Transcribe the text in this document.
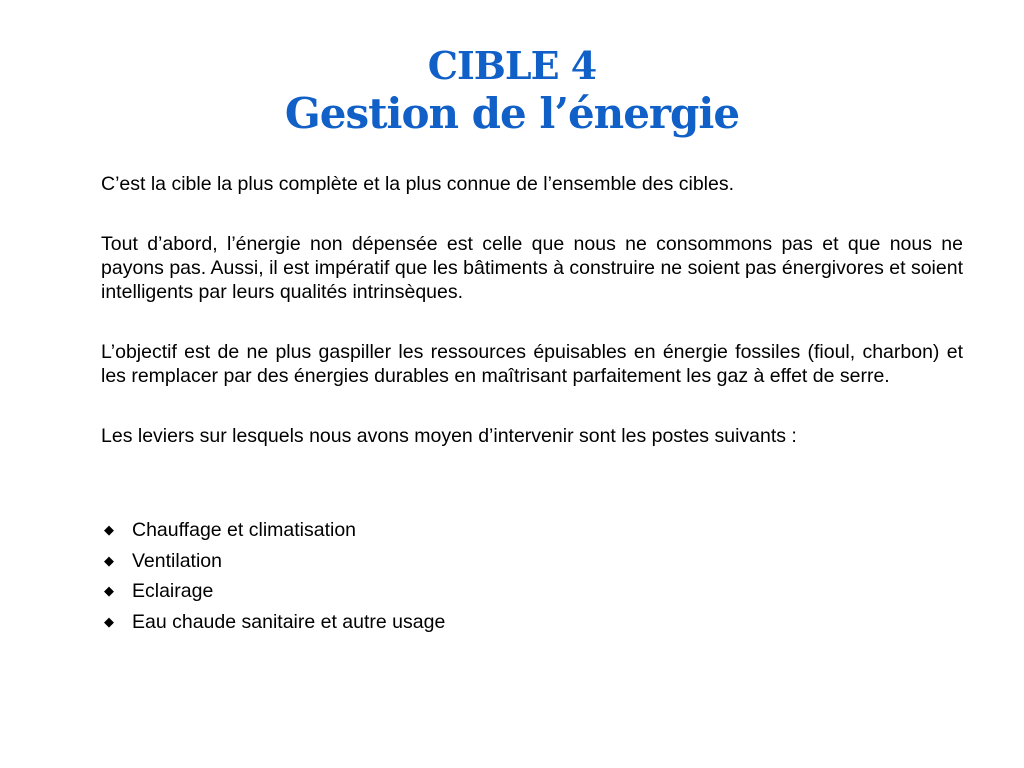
CIBLE 4
Gestion de l’énergie

C’est la cible la plus complète et la plus connue de l’ensemble des cibles.

Tout d’abord, l’énergie non dépensée est celle que nous ne consommons pas et que nous ne payons pas. Aussi, il est impératif que les bâtiments à construire ne soient pas énergivores et soient intelligents par leurs qualités intrinsèques.

L’objectif est de ne plus gaspiller les ressources épuisables en énergie fossiles (fioul, charbon) et les remplacer par des énergies durables en maîtrisant parfaitement les gaz à effet de serre.

Les leviers sur lesquels nous avons moyen d’intervenir sont les postes suivants :

◆ Chauffage et climatisation
◆ Ventilation
◆ Eclairage
◆ Eau chaude sanitaire et autre usage
